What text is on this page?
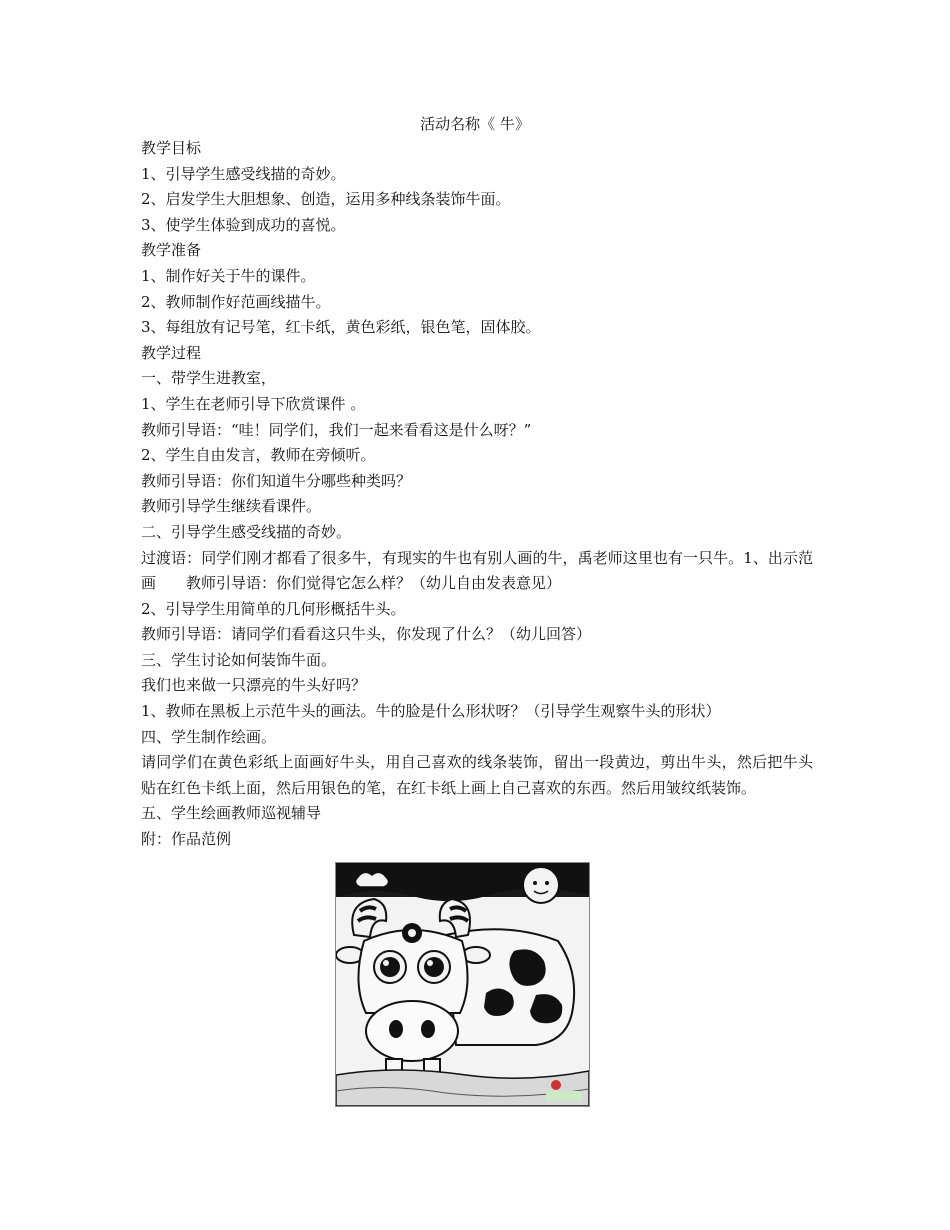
活动名称《 牛》

教学目标

1、引导学生感受线描的奇妙。

2、启发学生大胆想象、创造，运用多种线条装饰牛面。

3、使学生体验到成功的喜悦。

教学准备

1、制作好关于牛的课件。

2、教师制作好范画线描牛。

3、每组放有记号笔，红卡纸，黄色彩纸，银色笔，固体胶。

教学过程

一、带学生进教室，

1、学生在老师引导下欣赏课件 。

教师引导语：“哇！同学们，我们一起来看看这是什么呀？”

2、学生自由发言，教师在旁倾听。

教师引导语：你们知道牛分哪些种类吗？

教师引导学生继续看课件。

二、引导学生感受线描的奇妙。

过渡语：同学们刚才都看了很多牛，有现实的牛也有别人画的牛，禹老师这里也有一只牛。1、出示范画　　教师引导语：你们觉得它怎么样？（幼儿自由发表意见）

2、引导学生用简单的几何形概括牛头。

教师引导语：请同学们看看这只牛头，你发现了什么？（幼儿回答）

三、学生讨论如何装饰牛面。

我们也来做一只漂亮的牛头好吗？

1、教师在黑板上示范牛头的画法。牛的脸是什么形状呀？（引导学生观察牛头的形状）

四、学生制作绘画。

请同学们在黄色彩纸上面画好牛头，用自己喜欢的线条装饰，留出一段黄边，剪出牛头，然后把牛头贴在红色卡纸上面，然后用银色的笔，在红卡纸上画上自己喜欢的东西。然后用皱纹纸装饰。

五、学生绘画教师巡视辅导

附：作品范例
